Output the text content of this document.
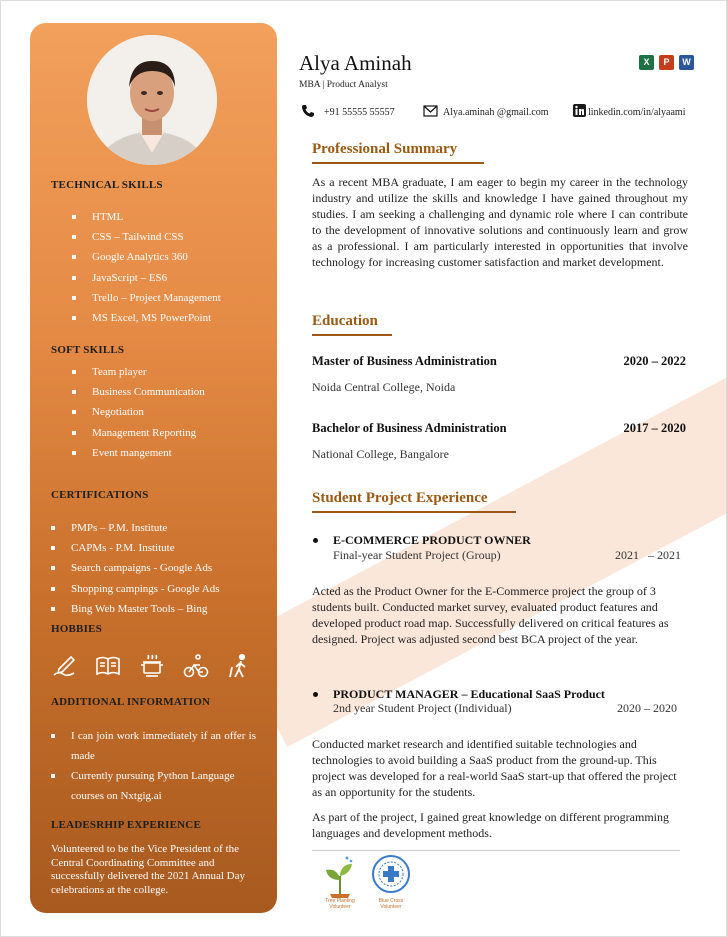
TECHNICAL SKILLS
HTML
CSS – Tailwind CSS
Google Analytics 360
JavaScript – ES6
Trello – Project Management
MS Excel, MS PowerPoint
SOFT SKILLS
Team player
Business Communication
Negotiation
Management Reporting
Event mangement
CERTIFICATIONS
PMPs – P.M. Institute
CAPMs - P.M. Institute
Search campaigns - Google Ads
Shopping campings - Google Ads
Bing Web Master Tools – Bing
HOBBIES
ADDITIONAL INFORMATION
I can join work immediately if an offer is made
Currently pursuing Python Language courses on Nxtgig.ai
LEADESRHIP EXPERIENCE
Volunteered to be the Vice President of the Central Coordinating Committee and successfully delivered the 2021 Annual Day celebrations at the college.
Alya Aminah
MBA | Product Analyst
X	P	W
+91 55555 55557	Alya.aminah @gmail.com	linkedin.com/in/alyaami
Professional Summary
As a recent MBA graduate, I am eager to begin my career in the technology industry and utilize the skills and knowledge I have gained throughout my studies. I am seeking a challenging and dynamic role where I can contribute to the development of innovative solutions and continuously learn and grow as a professional. I am particularly interested in opportunities that involve technology for increasing customer satisfaction and market development.
Education
Master of Business Administration	2020 – 2022
Noida Central College, Noida
Bachelor of Business Administration	2017 – 2020
National College, Bangalore
Student Project Experience
E-COMMERCE PRODUCT OWNER
Final-year Student Project (Group)	2021   – 2021
Acted as the Product Owner for the E-Commerce project the group of 3 students built. Conducted market survey, evaluated product features and developed product road map. Successfully delivered on critical features as designed. Project was adjusted second best BCA project of the year.
PRODUCT MANAGER – Educational SaaS Product
2nd year Student Project (Individual)	2020 – 2020
Conducted market research and identified suitable technologies and technologies to avoid building a SaaS product from the ground-up. This project was developed for a real-world SaaS start-up that offered the project as an opportunity for the students.
As part of the project, I gained great knowledge on different programming languages and development methods.
Tree Planting Volunteer
Blue Cross Volunteer
